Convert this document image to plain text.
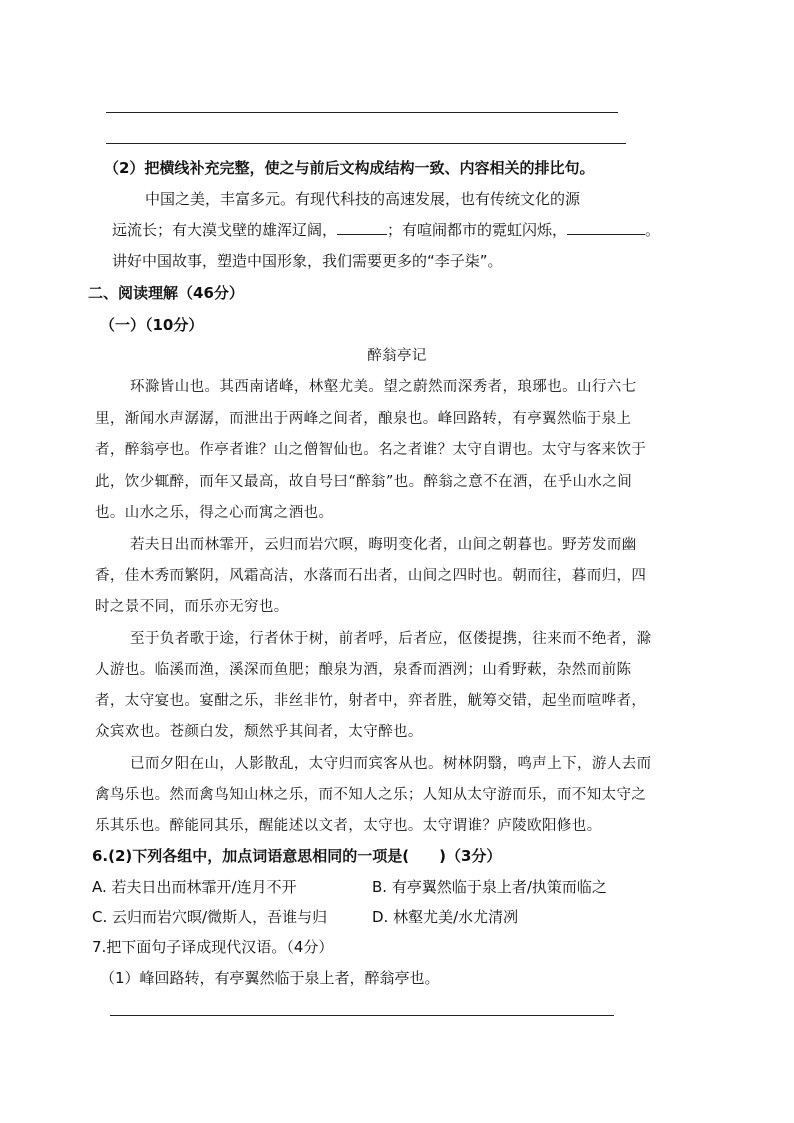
（2）把横线补充完整，使之与前后文构成结构一致、内容相关的排比句。
中国之美，丰富多元。有现代科技的高速发展，也有传统文化的源
远流长；有大漠戈壁的雄浑辽阔，	；有喧闹都市的霓虹闪烁，	。
讲好中国故事，塑造中国形象，我们需要更多的“李子柒”。
二、阅读理解（46分）
（一）（10分）
醉翁亭记
环滁皆山也。其西南诸峰，林壑尤美。望之蔚然而深秀者，琅琊也。山行六七
里，渐闻水声潺潺，而泄出于两峰之间者，酿泉也。峰回路转，有亭翼然临于泉上
者，醉翁亭也。作亭者谁？山之僧智仙也。名之者谁？太守自谓也。太守与客来饮于
此，饮少辄醉，而年又最高，故自号曰“醉翁”也。醉翁之意不在酒，在乎山水之间
也。山水之乐，得之心而寓之酒也。
若夫日出而林霏开，云归而岩穴暝，晦明变化者，山间之朝暮也。野芳发而幽
香，佳木秀而繁阴，风霜高洁，水落而石出者，山间之四时也。朝而往，暮而归，四
时之景不同，而乐亦无穷也。
至于负者歌于途，行者休于树，前者呼，后者应，伛偻提携，往来而不绝者，滁
人游也。临溪而渔，溪深而鱼肥；酿泉为酒，泉香而酒洌；山肴野蔌，杂然而前陈
者，太守宴也。宴酣之乐，非丝非竹，射者中，弈者胜，觥筹交错，起坐而喧哗者，
众宾欢也。苍颜白发，颓然乎其间者，太守醉也。
已而夕阳在山，人影散乱，太守归而宾客从也。树林阴翳，鸣声上下，游人去而
禽鸟乐也。然而禽鸟知山林之乐，而不知人之乐；人知从太守游而乐，而不知太守之
乐其乐也。醉能同其乐，醒能述以文者，太守也。太守谓谁？庐陵欧阳修也。
6.(2)下列各组中，加点词语意思相同的一项是(　　)（3分）
A. 若夫日出而林霏开/连月不开	B. 有亭翼然临于泉上者/执策而临之
C. 云归而岩穴暝/微斯人，吾谁与归	D. 林壑尤美/水尤清冽
7.把下面句子译成现代汉语。（4分）
（1）峰回路转，有亭翼然临于泉上者，醉翁亭也。
